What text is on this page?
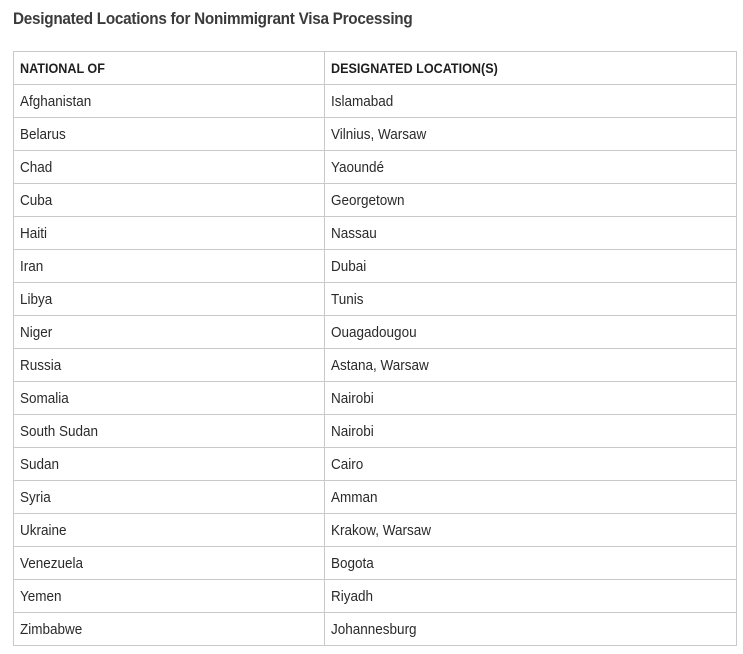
Designated Locations for Nonimmigrant Visa Processing
NATIONAL OF	DESIGNATED LOCATION(S)
Afghanistan	Islamabad
Belarus	Vilnius, Warsaw
Chad	Yaoundé
Cuba	Georgetown
Haiti	Nassau
Iran	Dubai
Libya	Tunis
Niger	Ouagadougou
Russia	Astana, Warsaw
Somalia	Nairobi
South Sudan	Nairobi
Sudan	Cairo
Syria	Amman
Ukraine	Krakow, Warsaw
Venezuela	Bogota
Yemen	Riyadh
Zimbabwe	Johannesburg
